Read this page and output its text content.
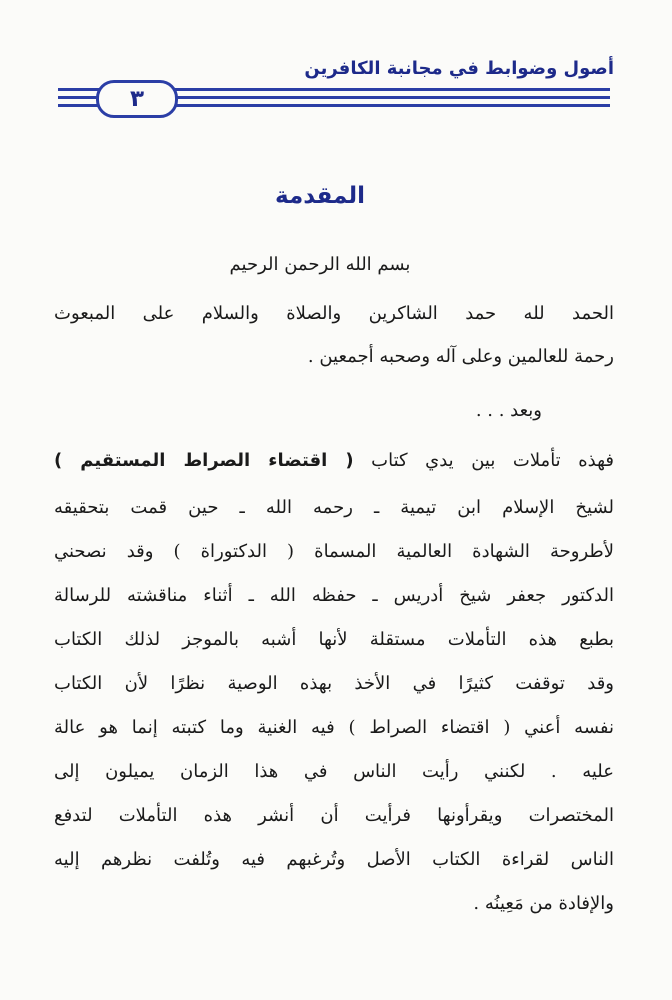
أصول وضوابط في مجانبة الكافرين
٣
المقدمة
بسم الله الرحمن الرحيم
الحمد لله حمد الشاكرين والصلاة والسلام على المبعوث
رحمة للعالمين وعلى آله وصحبه أجمعين .
وبعد . . .
فهذه تأملات بين يدي كتاب ( اقتضاء الصراط المستقيم )
لشيخ الإسلام ابن تيمية ـ رحمه الله ـ حين قمت بتحقيقه
لأطروحة الشهادة العالمية المسماة ( الدكتوراة ) وقد نصحني
الدكتور جعفر شيخ أدريس ـ حفظه الله ـ أثناء مناقشته للرسالة
بطبع هذه التأملات مستقلة لأنها أشبه بالموجز لذلك الكتاب
وقد توقفت كثيرًا في الأخذ بهذه الوصية نظرًا لأن الكتاب
نفسه أعني ( اقتضاء الصراط ) فيه الغنية وما كتبته إنما هو عالة
عليه . لكنني رأيت الناس في هذا الزمان يميلون إلى
المختصرات ويقرأونها فرأيت أن أنشر هذه التأملات لتدفع
الناس لقراءة الكتاب الأصل وتُرغبهم فيه وتُلفت نظرهم إليه
والإفادة من مَعِينُه .
